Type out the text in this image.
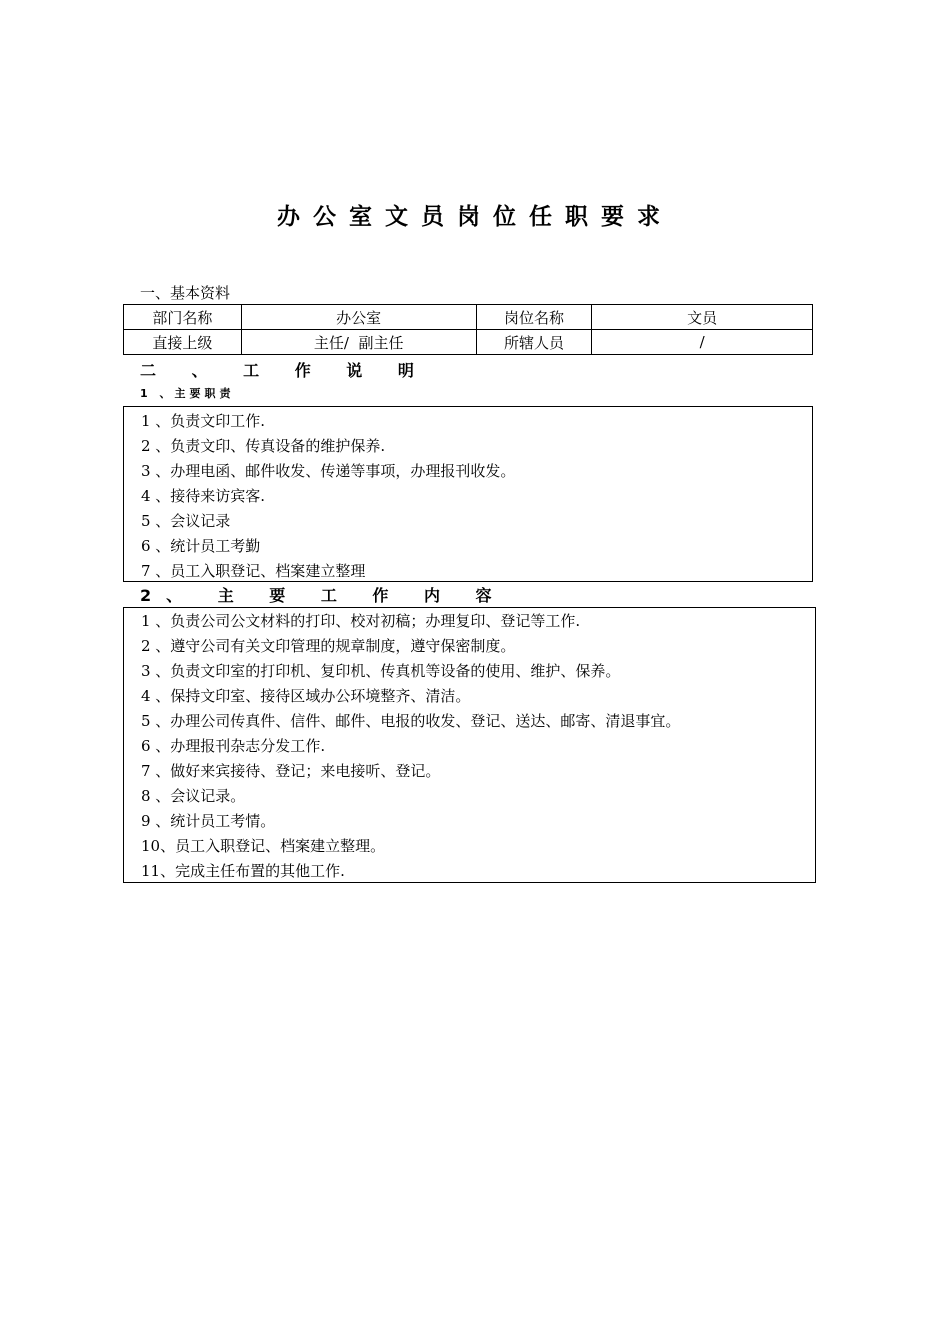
办公室文员岗位任职要求
一、基本资料
部门名称	办公室	岗位名称	文员
直接上级	主任/  副主任	所辖人员	/
二 、 工 作 说 明
1 、主要职责
1 、负责文印工作.
2 、负责文印、传真设备的维护保养.
3 、办理电函、邮件收发、传递等事项，办理报刊收发。
4 、接待来访宾客.
5 、会议记录
6 、统计员工考勤
7 、员工入职登记、档案建立整理
2、 主 要 工 作 内 容
1 、负责公司公文材料的打印、校对初稿；办理复印、登记等工作.
2 、遵守公司有关文印管理的规章制度，遵守保密制度。
3 、负责文印室的打印机、复印机、传真机等设备的使用、维护、保养。
4 、保持文印室、接待区域办公环境整齐、清洁。
5 、办理公司传真件、信件、邮件、电报的收发、登记、送达、邮寄、清退事宜。
6 、办理报刊杂志分发工作.
7 、做好来宾接待、登记；来电接听、登记。
8 、会议记录。
9 、统计员工考情。
10、员工入职登记、档案建立整理。
11、完成主任布置的其他工作.
